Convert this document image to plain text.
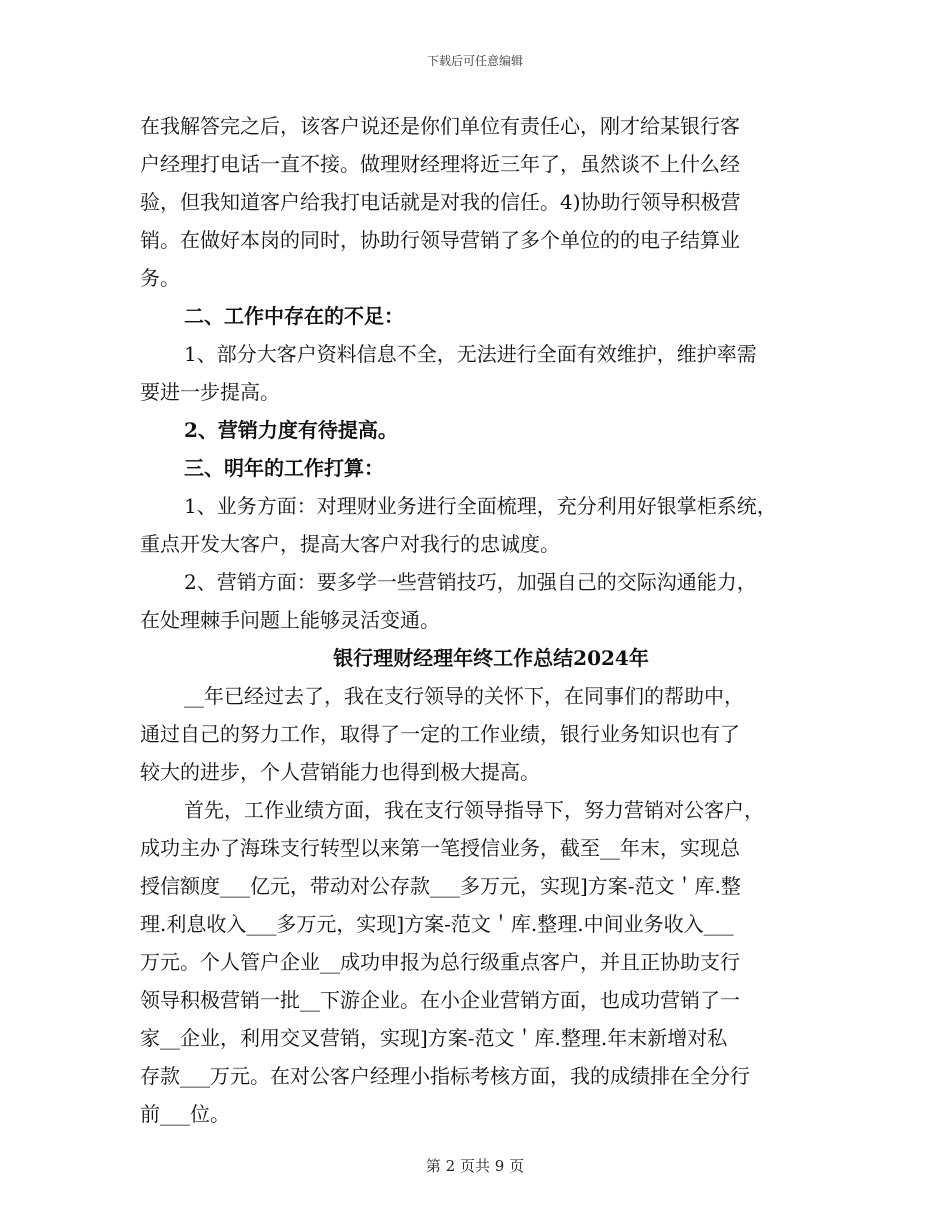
下载后可任意编辑
在我解答完之后，该客户说还是你们单位有责任心，刚才给某银行客
户经理打电话一直不接。做理财经理将近三年了，虽然谈不上什么经
验，但我知道客户给我打电话就是对我的信任。4)协助行领导积极营
销。在做好本岗的同时，协助行领导营销了多个单位的的电子结算业
务。
二、工作中存在的不足：
1、部分大客户资料信息不全，无法进行全面有效维护，维护率需
要进一步提高。
2、营销力度有待提高。
三、明年的工作打算：
1、业务方面：对理财业务进行全面梳理，充分利用好银掌柜系统，
重点开发大客户，提高大客户对我行的忠诚度。
2、营销方面：要多学一些营销技巧，加强自己的交际沟通能力，
在处理棘手问题上能够灵活变通。
银行理财经理年终工作总结2024年
__年已经过去了，我在支行领导的关怀下，在同事们的帮助中，
通过自己的努力工作，取得了一定的工作业绩，银行业务知识也有了
较大的进步，个人营销能力也得到极大提高。
首先，工作业绩方面，我在支行领导指导下，努力营销对公客户，
成功主办了海珠支行转型以来第一笔授信业务，截至__年末，实现总
授信额度___亿元，带动对公存款___多万元，实现]方案-范文＇库.整
理.利息收入___多万元，实现]方案-范文＇库.整理.中间业务收入___
万元。个人管户企业__成功申报为总行级重点客户，并且正协助支行
领导积极营销一批__下游企业。在小企业营销方面，也成功营销了一
家__企业，利用交叉营销，实现]方案-范文＇库.整理.年末新增对私
存款___万元。在对公客户经理小指标考核方面，我的成绩排在全分行
前___位。
第 2 页共 9 页
